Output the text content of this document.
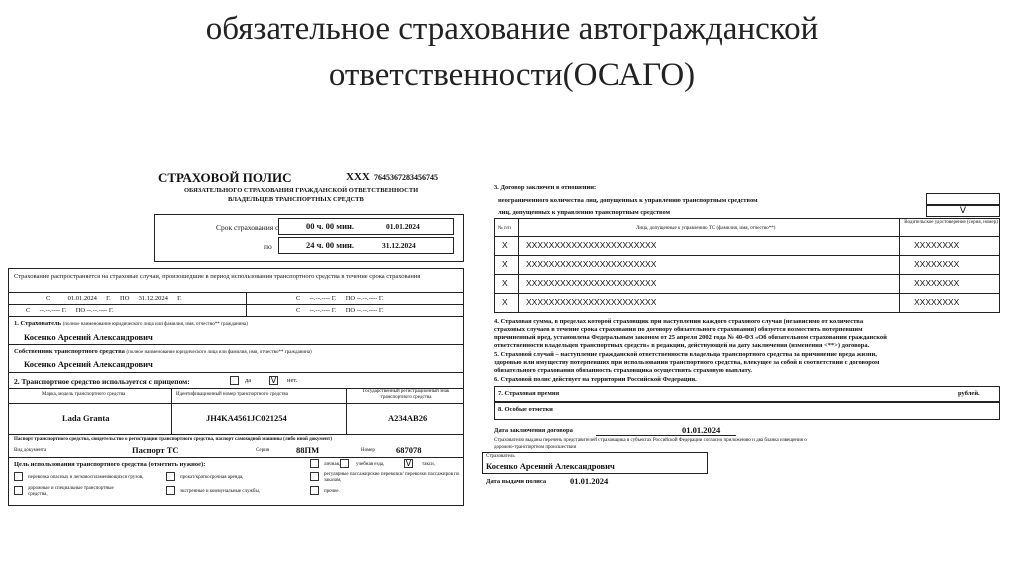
обязательное страхование автогражданской
ответственности(ОСАГО)
СТРАХОВОЙ ПОЛИС	ХХХ 7645367283456745
ОБЯЗАТЕЛЬНОГО СТРАХОВАНИЯ ГРАЖДАНСКОЙ ОТВЕТСТВЕННОСТИ
ВЛАДЕЛЬЦЕВ ТРАНСПОРТНЫХ СРЕДСТВ
Срок страхования с	00 ч. 00 мин.	01.01.2024
по	24 ч. 00 мин.	31.12.2024
Страхование распространяется на страховые случаи, произошедшие в период использования транспортного средства в течение срока страхования
С	01.01.2024 Г. ПО 31.12.2024 Г.	С --.--.---- Г. ПО --.--.---- Г.
С --.--.---- Г. ПО --.--.---- Г.	С --.--.---- Г. ПО --.--.---- Г.
1. Страхователь (полное наименование юридического лица или фамилия, имя, отчество** гражданина)
Косенко Арсений Александрович
Собственник транспортного средства (полное наименование юридического лица или фамилия, имя, отчество** гражданина)
Косенко Арсений Александрович
2. Транспортное средство используется с прицепом:	да V нет.
Марка, модель транспортного средства	Идентификационный номер транспортного средства
Государственный регистрационный знак транспортного средства
Lada Granta	JH4KA4561JC021254	A234AB26
Паспорт транспортного средства, свидетельство о регистрации транспортного средства, паспорт самоходной машины (либо иной документ)
Вид документа	Паспорт ТС	Серия	88ПМ	Номер 687078
Цель использования транспортного средства (отметить нужное):	личная,	учебная езда,	V	такси,
перевозка опасных и легковоспламеняющихся грузов,	прокат/краткосрочная аренда,
регулярные пассажирские перевозки/ перевозки пассажиров по заказам,
дорожные и специальные транспортные средства,
экстренные и коммунальные службы,	прочее.
3. Договор заключен в отношении:
неограниченного количества лиц, допущенных к управлению транспортным средством
лиц, допущенных к управлению транспортным средством	V
№ п/п	Лица, допущенные к управлению ТС (фамилия, имя, отчество**)
Водительское удостоверение (серия, номер)
X XXXXXXXXXXXXXXXXXXXXXXX	XXXXXXXX
X XXXXXXXXXXXXXXXXXXXXXXX	XXXXXXXX
X XXXXXXXXXXXXXXXXXXXXXXX	XXXXXXXX
X XXXXXXXXXXXXXXXXXXXXXXX	XXXXXXXX
4. Страховая сумма, в пределах которой страховщик при наступлении каждого страхового случая (независимо от количества
страховых случаев в течение срока страхования по договору обязательного страхования) обязуется возместить потерпевшим
причиненный вред, установлена Федеральным законом от 25 апреля 2002 года № 40-ФЗ «Об обязательном страховании гражданской
ответственности владельцев транспортных средств» в редакции, действующей на дату заключения (изменения <**>) договора.
5. Страховой случай – наступление гражданской ответственности владельца транспортного средства за причинение вреда жизни,
здоровью или имуществу потерпевших при использовании транспортного средства, влекущее за собой в соответствии с договором
обязательного страхования обязанность страховщика осуществить страховую выплату.
6. Страховой полис действует на территории Российской Федерации.
7. Страховая премия	рублей.
8. Особые отметки
Дата заключения договора	01.01.2024
Страхователю выданы перечень представителей страховщика в субъектах Российской Федерации согласно приложению и два бланка извещения о
дорожно-транспортном происшествии
Страхователь
Косенко Арсений Александрович
Дата выдачи полиса	01.01.2024
